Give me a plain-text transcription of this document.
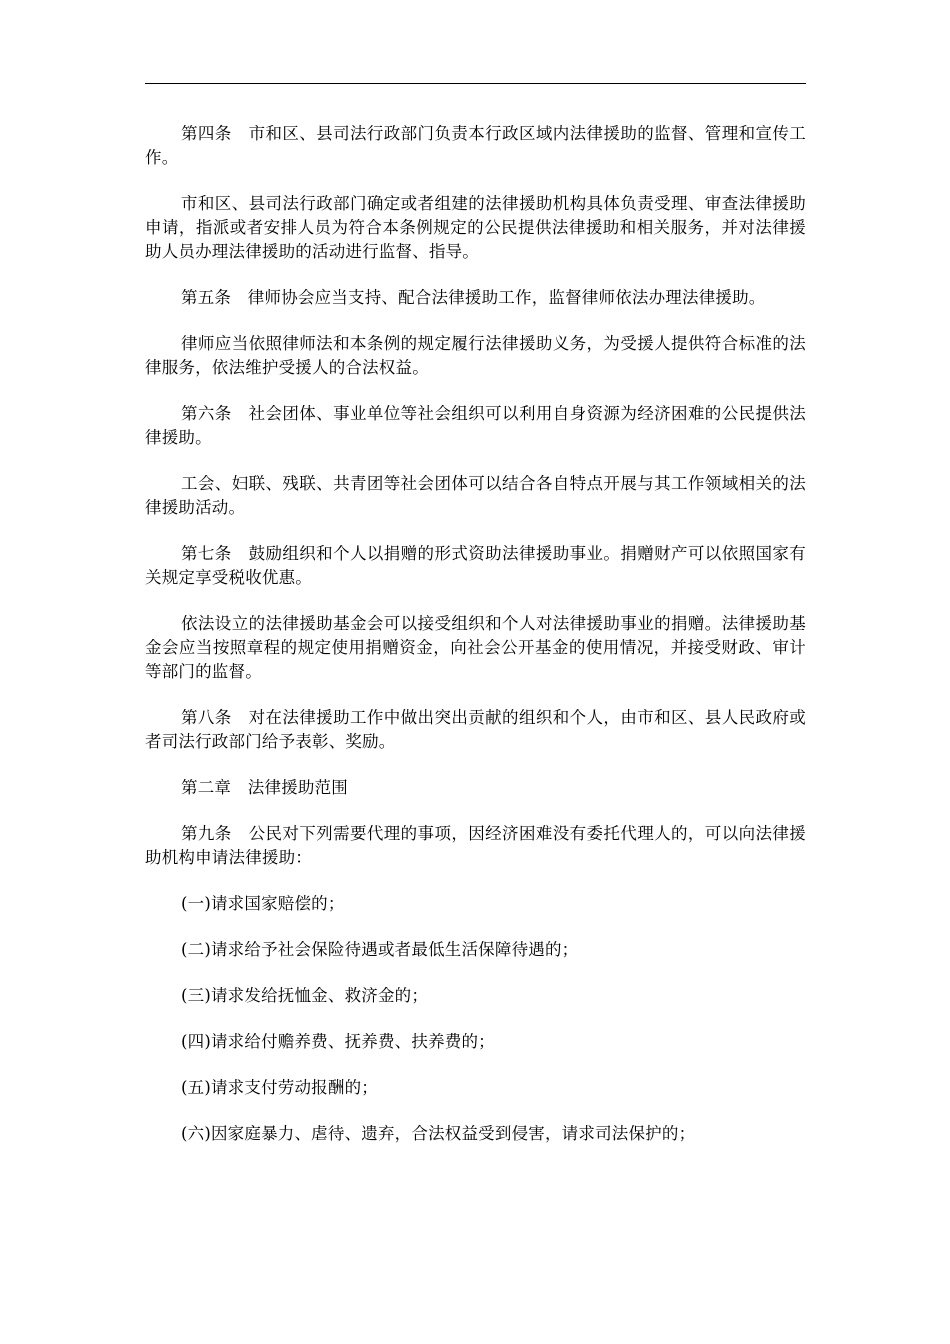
第四条　市和区、县司法行政部门负责本行政区域内法律援助的监督、管理和宣传工作。

市和区、县司法行政部门确定或者组建的法律援助机构具体负责受理、审查法律援助申请，指派或者安排人员为符合本条例规定的公民提供法律援助和相关服务，并对法律援助人员办理法律援助的活动进行监督、指导。

第五条　律师协会应当支持、配合法律援助工作，监督律师依法办理法律援助。

律师应当依照律师法和本条例的规定履行法律援助义务，为受援人提供符合标准的法律服务，依法维护受援人的合法权益。

第六条　社会团体、事业单位等社会组织可以利用自身资源为经济困难的公民提供法律援助。

工会、妇联、残联、共青团等社会团体可以结合各自特点开展与其工作领域相关的法律援助活动。

第七条　鼓励组织和个人以捐赠的形式资助法律援助事业。捐赠财产可以依照国家有关规定享受税收优惠。

依法设立的法律援助基金会可以接受组织和个人对法律援助事业的捐赠。法律援助基金会应当按照章程的规定使用捐赠资金，向社会公开基金的使用情况，并接受财政、审计等部门的监督。

第八条　对在法律援助工作中做出突出贡献的组织和个人，由市和区、县人民政府或者司法行政部门给予表彰、奖励。

第二章　法律援助范围

第九条　公民对下列需要代理的事项，因经济困难没有委托代理人的，可以向法律援助机构申请法律援助：

(一)请求国家赔偿的；

(二)请求给予社会保险待遇或者最低生活保障待遇的；

(三)请求发给抚恤金、救济金的；

(四)请求给付赡养费、抚养费、扶养费的；

(五)请求支付劳动报酬的；

(六)因家庭暴力、虐待、遗弃，合法权益受到侵害，请求司法保护的；
